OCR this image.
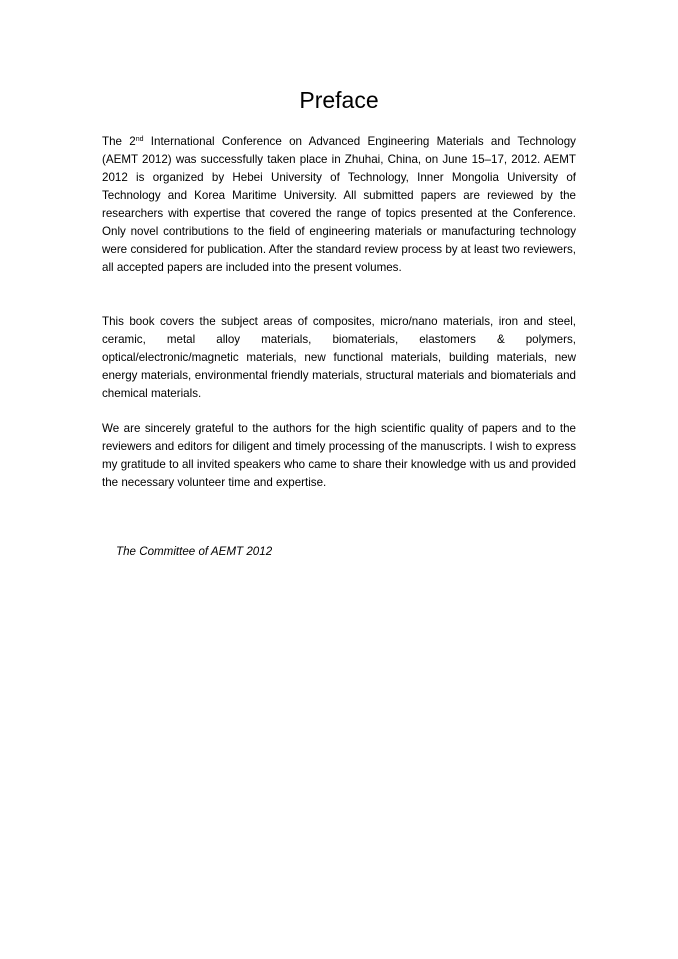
Preface

The 2nd International Conference on Advanced Engineering Materials and Technology (AEMT 2012) was successfully taken place in Zhuhai, China, on June 15–17, 2012. AEMT 2012 is organized by Hebei University of Technology, Inner Mongolia University of Technology and Korea Maritime University. All submitted papers are reviewed by the researchers with expertise that covered the range of topics presented at the Conference. Only novel contributions to the field of engineering materials or manufacturing technology were considered for publication. After the standard review process by at least two reviewers, all accepted papers are included into the present volumes.

This book covers the subject areas of composites, micro/nano materials, iron and steel, ceramic, metal alloy materials, biomaterials, elastomers & polymers, optical/electronic/magnetic materials, new functional materials, building materials, new energy materials, environmental friendly materials, structural materials and biomaterials and chemical materials.

We are sincerely grateful to the authors for the high scientific quality of papers and to the reviewers and editors for diligent and timely processing of the manuscripts. I wish to express my gratitude to all invited speakers who came to share their knowledge with us and provided the necessary volunteer time and expertise.

The Committee of AEMT 2012
